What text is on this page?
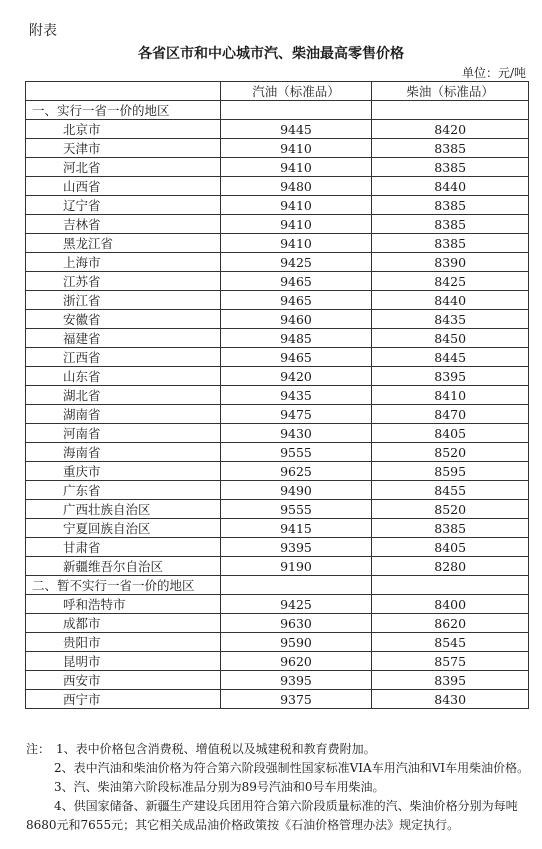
附表
各省区市和中心城市汽、柴油最高零售价格
单位：元/吨
	汽油（标准品）	柴油（标准品）
一、实行一省一价的地区		
北京市	9445	8420
天津市	9410	8385
河北省	9410	8385
山西省	9480	8440
辽宁省	9410	8385
吉林省	9410	8385
黑龙江省	9410	8385
上海市	9425	8390
江苏省	9465	8425
浙江省	9465	8440
安徽省	9460	8435
福建省	9485	8450
江西省	9465	8445
山东省	9420	8395
湖北省	9435	8410
湖南省	9475	8470
河南省	9430	8405
海南省	9555	8520
重庆市	9625	8595
广东省	9490	8455
广西壮族自治区	9555	8520
宁夏回族自治区	9415	8385
甘肃省	9395	8405
新疆维吾尔自治区	9190	8280
二、暂不实行一省一价的地区		
呼和浩特市	9425	8400
成都市	9630	8620
贵阳市	9590	8545
昆明市	9620	8575
西安市	9395	8395
西宁市	9375	8430

注：　1、表中价格包含消费税、增值税以及城建税和教育费附加。

2、表中汽油和柴油价格为符合第六阶段强制性国家标准VIA车用汽油和VI车用柴油价格。

3、汽、柴油第六阶段标准品分别为89号汽油和0号车用柴油。

4、供国家储备、新疆生产建设兵团用符合第六阶段质量标准的汽、柴油价格分别为每吨8680元和7655元；其它相关成品油价格政策按《石油价格管理办法》规定执行。
